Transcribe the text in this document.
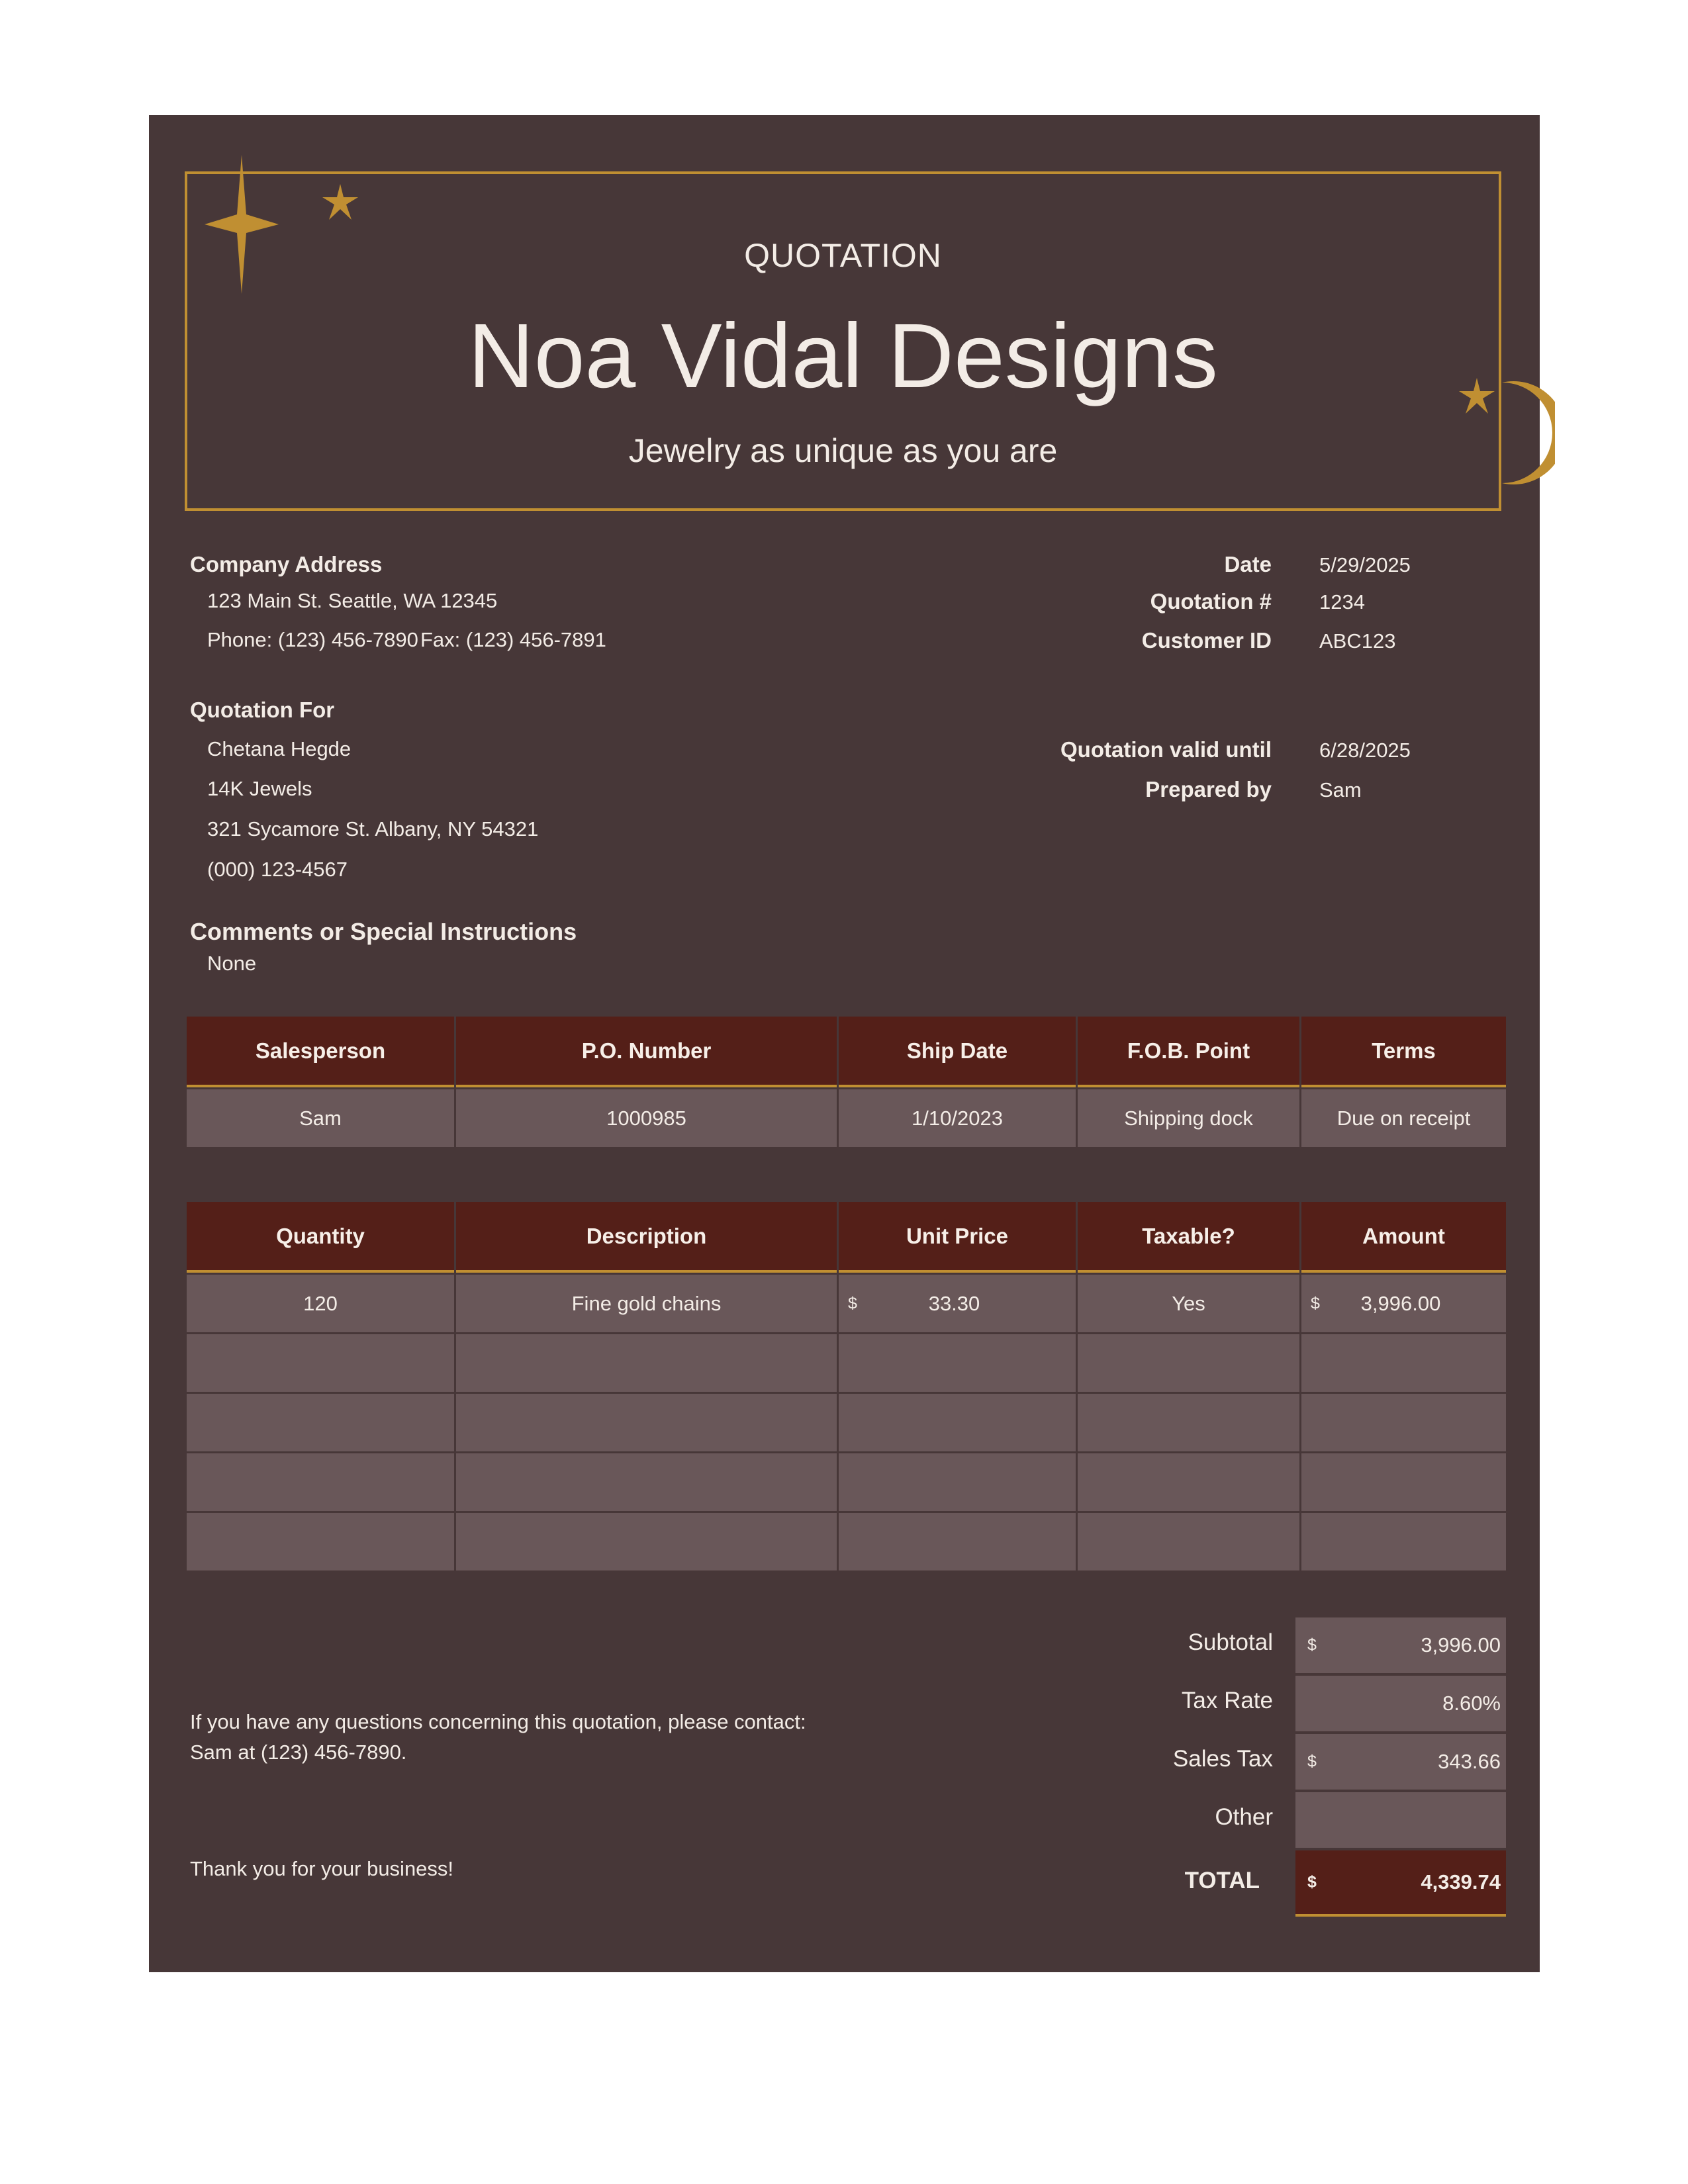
QUOTATION
Noa Vidal Designs
Jewelry as unique as you are
Company Address
123 Main St. Seattle, WA 12345
Phone: (123) 456-7890 Fax: (123) 456-7891
Date 5/29/2025
Quotation # 1234
Customer ID ABC123
Quotation For
Chetana Hegde
14K Jewels
321 Sycamore St. Albany, NY 54321
(000) 123-4567
Quotation valid until 6/28/2025
Prepared by Sam
Comments or Special Instructions
None
Salesperson	P.O. Number	Ship Date	F.O.B. Point	Terms
Sam	1000985	1/10/2023	Shipping dock	Due on receipt
Quantity	Description	Unit Price	Taxable?	Amount
120	Fine gold chains	$ 33.30	Yes	$ 3,996.00

Subtotal $	3,996.00
Tax Rate	8.60%
Sales Tax $	343.66
Other
TOTAL	$	4,339.74
If you have any questions concerning this quotation, please contact:
Sam at (123) 456-7890.
Thank you for your business!
